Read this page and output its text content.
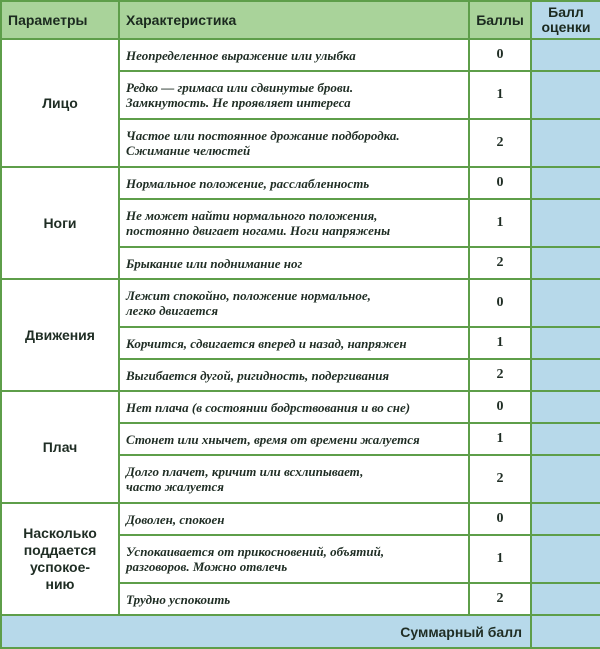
Параметры	Характеристика	Баллы	Балл
оценки

Лицо	Неопределенное выражение или улыбка	0	

	Редко — гримаса или сдвинутые брови.
Замкнутость. Не проявляет интереса	1	

	Частое или постоянное дрожание подбородка.
Сжимание челюстей	2	

Ноги	Нормальное положение, расслабленность	0	

	Не может найти нормального положения,
постоянно двигает ногами. Ноги напряжены	1	

	Брыкание или поднимание ног	2	

Движения	Лежит спокойно, положение нормальное,
легко двигается	0	

	Корчится, сдвигается вперед и назад, напряжен	1	

	Выгибается дугой, ригидность, подергивания	2	

Плач	Нет плача (в состоянии бодрствования и во сне)	0	

	Стонет или хнычет, время от времени жалуется	1	

	Долго плачет, кричит или всхлипывает,
часто жалуется	2	

Насколько
поддается
успокое-
нию	Доволен, спокоен	0	

	Успокаивается от прикосновений, объятий,
разговоров. Можно отвлечь	1	

	Трудно успокоить	2	
Суммарный балл			
